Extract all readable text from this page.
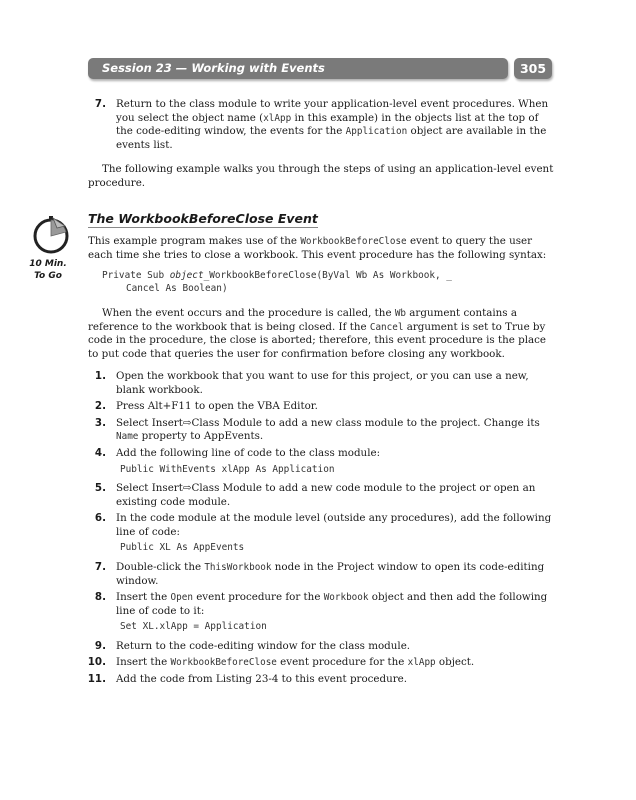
Session 23 — Working with Events	305
7. Return to the class module to write your application-level event procedures. When you select the object name (xlApp in this example) in the objects list at the top of the code-editing window, the events for the Application object are available in the events list.

The following example walks you through the steps of using an application-level event procedure.

10 Min.
To Go
The WorkbookBeforeClose Event

This example program makes use of the WorkbookBeforeClose event to query the user each time she tries to close a workbook. This event procedure has the following syntax:

Private Sub object_WorkbookBeforeClose(ByVal Wb As Workbook, _
Cancel As Boolean)

When the event occurs and the procedure is called, the Wb argument contains a reference to the workbook that is being closed. If the Cancel argument is set to True by code in the procedure, the close is aborted; therefore, this event procedure is the place to put code that queries the user for confirmation before closing any workbook.

1. Open the workbook that you want to use for this project, or you can use a new, blank workbook.
2. Press Alt+F11 to open the VBA Editor.
3. Select Insert⇨Class Module to add a new class module to the project. Change its Name property to AppEvents.
4. Add the following line of code to the class module:
Public WithEvents xlApp As Application
5. Select Insert⇨Class Module to add a new code module to the project or open an existing code module.
6. In the code module at the module level (outside any procedures), add the following line of code:
Public XL As AppEvents
7. Double-click the ThisWorkbook node in the Project window to open its code-editing window.
8. Insert the Open event procedure for the Workbook object and then add the following line of code to it:
Set XL.xlApp = Application
9. Return to the code-editing window for the class module.
10. Insert the WorkbookBeforeClose event procedure for the xlApp object.
11. Add the code from Listing 23-4 to this event procedure.
